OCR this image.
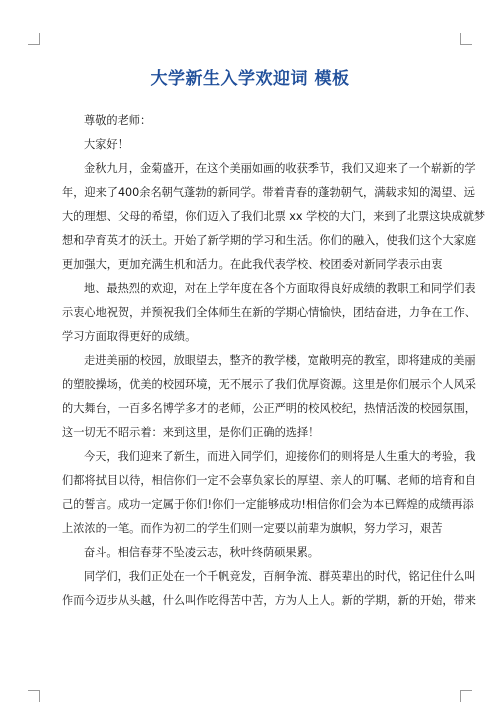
大学新生入学欢迎词 模板
尊敬的老师：
大家好！
金秋九月，金菊盛开，在这个美丽如画的收获季节，我们又迎来了一个崭新的学
年，迎来了400余名朝气蓬勃的新同学。带着青春的蓬勃朝气，满载求知的渴望、远
大的理想、父母的希望，你们迈入了我们北票 xx 学校的大门，来到了北票这块成就梦
想和孕育英才的沃土。开始了新学期的学习和生活。你们的融入，使我们这个大家庭
更加强大，更加充满生机和活力。在此我代表学校、校团委对新同学表示由衷
地、最热烈的欢迎，对在上学年度在各个方面取得良好成绩的教职工和同学们表
示衷心地祝贺，并预祝我们全体师生在新的学期心情愉快，团结奋进，力争在工作、
学习方面取得更好的成绩。
走进美丽的校园，放眼望去，整齐的教学楼，宽敞明亮的教室，即将建成的美丽
的塑胶操场，优美的校园环境，无不展示了我们优厚资源。这里是你们展示个人风采
的大舞台，一百多名博学多才的老师，公正严明的校风校纪，热情活泼的校园氛围，
这一切无不昭示着：来到这里，是你们正确的选择！
今天，我们迎来了新生，而进入同学们，迎接你们的则将是人生重大的考验，我
们都将拭目以待，相信你们一定不会辜负家长的厚望、亲人的叮嘱、老师的培育和自
己的誓言。成功一定属于你们!你们一定能够成功!相信你们会为本已辉煌的成绩再添
上浓浓的一笔。而作为初二的学生们则一定要以前辈为旗帜，努力学习，艰苦
奋斗。相信春芽不坠凌云志，秋叶终荫硕果累。
同学们，我们正处在一个千帆竞发，百舸争流、群英辈出的时代，铭记住什么叫
作而今迈步从头越，什么叫作吃得苦中苦，方为人上人。新的学期，新的开始，带来
